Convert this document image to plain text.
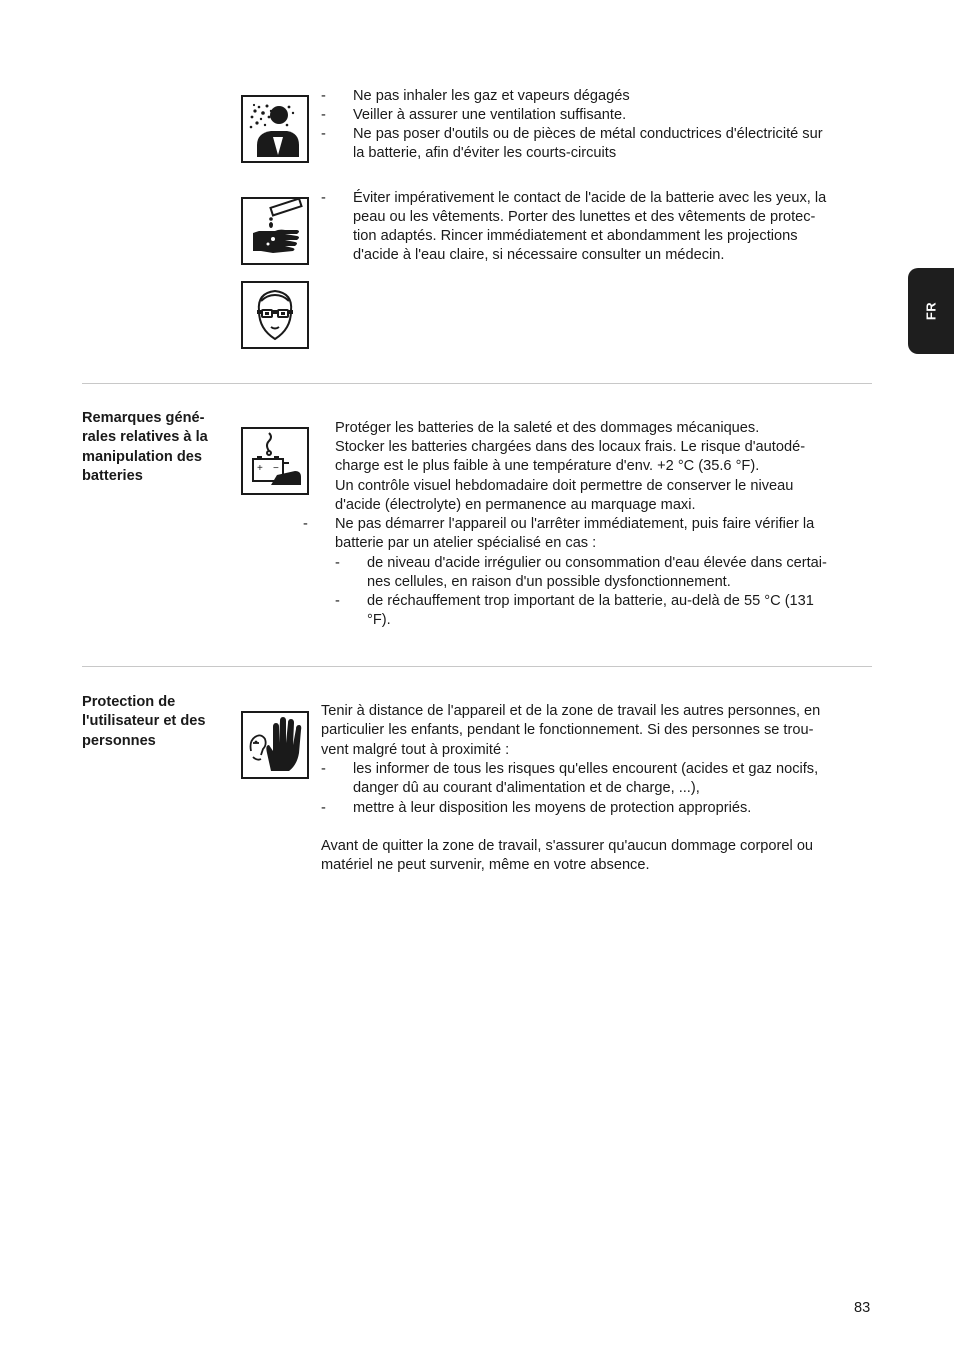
FR
- Ne pas inhaler les gaz et vapeurs dégagés
- Veiller à assurer une ventilation suffisante.
- Ne pas poser d'outils ou de pièces de métal conductrices d'électricité sur
la batterie, afin d'éviter les courts-circuits
- Éviter impérativement le contact de l'acide de la batterie avec les yeux, la
peau ou les vêtements. Porter des lunettes et des vêtements de protec-
tion adaptés. Rincer immédiatement et abondamment les projections
d'acide à l'eau claire, si nécessaire consulter un médecin.
Remarques géné-
rales relatives à la
manipulation des
batteries	+ −
Protéger les batteries de la saleté et des dommages mécaniques.
Stocker les batteries chargées dans des locaux frais. Le risque d'autodé-
charge est le plus faible à une température d'env. +2 °C (35.6 °F).
Un contrôle visuel hebdomadaire doit permettre de conserver le niveau
d'acide (électrolyte) en permanence au marquage maxi.
- Ne pas démarrer l'appareil ou l'arrêter immédiatement, puis faire vérifier la
batterie par un atelier spécialisé en cas :
- de niveau d'acide irrégulier ou consommation d'eau élevée dans certai-
nes cellules, en raison d'un possible dysfonctionnement.
- de réchauffement trop important de la batterie, au-delà de 55 °C (131
°F).
Protection de
l'utilisateur et des
personnes
Tenir à distance de l'appareil et de la zone de travail les autres personnes, en
particulier les enfants, pendant le fonctionnement. Si des personnes se trou-
vent malgré tout à proximité :
- les informer de tous les risques qu'elles encourent (acides et gaz nocifs,
danger dû au courant d'alimentation et de charge, ...),
- mettre à leur disposition les moyens de protection appropriés.
Avant de quitter la zone de travail, s'assurer qu'aucun dommage corporel ou
matériel ne peut survenir, même en votre absence.
83
